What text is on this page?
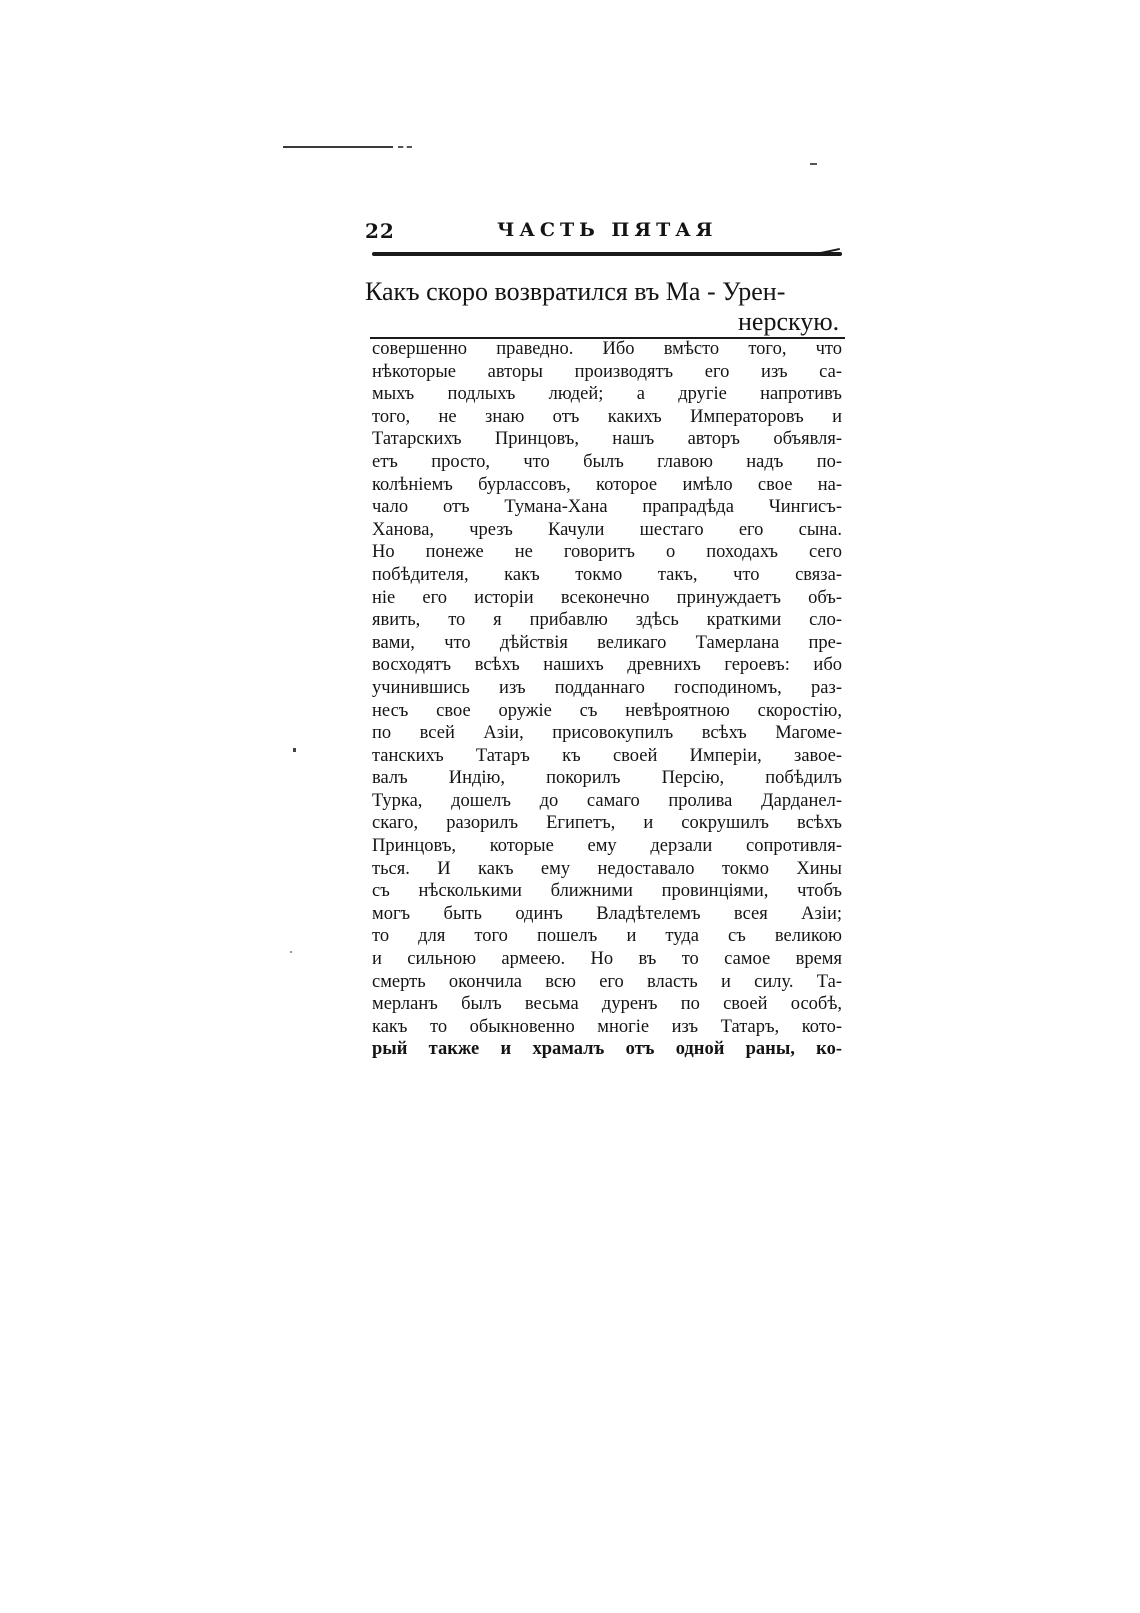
22	ЧАСТЬ ПЯТАЯ
Какъ скоро возвратился въ Ма - Урен-
нерскую.
совершенно праведно. Ибо вмѣсто того, что
нѣкоторые авторы производятъ его изъ са-
мыхъ подлыхъ людей; а другіе напротивъ
того, не знаю отъ какихъ Императоровъ и
Татарскихъ Принцовъ, нашъ авторъ объявля-
етъ просто, что былъ главою надъ по-
колѣніемъ бурлассовъ, которое имѣло свое на-
чало отъ Тумана-Хана прапрадѣда Чингисъ-
Ханова, чрезъ Качули шестаго его сына.
Но понеже не говоритъ о походахъ сего
побѣдителя, какъ токмо такъ, что связа-
ніе его исторіи всеконечно принуждаетъ объ-
явить, то я прибавлю здѣсь краткими сло-
вами, что дѣйствія великаго Тамерлана пре-
восходятъ всѣхъ нашихъ древнихъ героевъ: ибо
учинившись изъ подданнаго господиномъ, раз-
несъ свое оружіе съ невѣроятною скоростію,
по всей Азіи, присовокупилъ всѣхъ Магоме-
танскихъ Татаръ къ своей Имперіи, завое-
валъ Индію, покорилъ Персію, побѣдилъ
Турка, дошелъ до самаго пролива Дарданел-
скаго, разорилъ Египетъ, и сокрушилъ всѣхъ
Принцовъ, которые ему дерзали сопротивля-
ться. И какъ ему недоставало токмо Хины
съ нѣсколькими ближними провинціями, чтобъ
могъ быть одинъ Владѣтелемъ всея Азіи;
то для того пошелъ и туда съ великою
и сильною армеею. Но въ то самое время
смерть окончила всю его власть и силу. Та-
мерланъ былъ весьма дуренъ по своей особѣ,
какъ то обыкновенно многіе изъ Татаръ, кото-
рый также и храмалъ отъ одной раны, ко-
